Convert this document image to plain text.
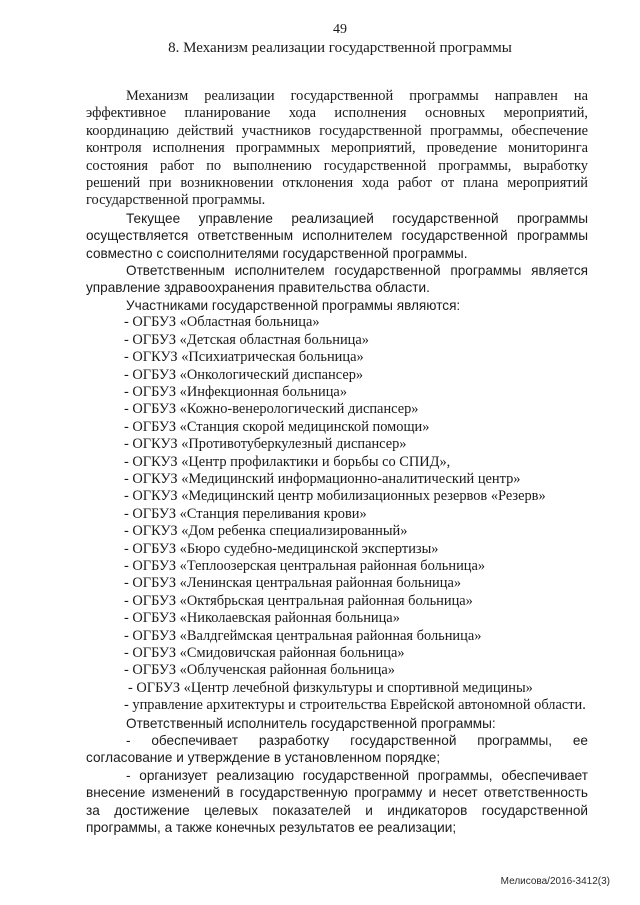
49
8. Механизм реализации государственной программы

Механизм реализации государственной программы направлен на эффективное планирование хода исполнения основных мероприятий, координацию действий участников государственной программы, обеспечение контроля исполнения программных мероприятий, проведение мониторинга состояния работ по выполнению государственной программы, выработку решений при возникновении отклонения хода работ от плана мероприятий государственной программы.

Текущее управление реализацией государственной программы осуществляется ответственным исполнителем государственной программы совместно с соисполнителями государственной программы.

Ответственным исполнителем государственной программы является управление здравоохранения правительства области.

Участниками государственной программы являются:

- ОГБУЗ «Областная больница»
- ОГБУЗ «Детская областная больница»
- ОГКУЗ «Психиатрическая больница»
- ОГБУЗ «Онкологический диспансер»
- ОГБУЗ «Инфекционная больница»
- ОГБУЗ «Кожно-венерологический диспансер»
- ОГБУЗ «Станция скорой медицинской помощи»
- ОГКУЗ «Противотуберкулезный диспансер»
- ОГКУЗ «Центр профилактики и борьбы со СПИД»,
- ОГКУЗ «Медицинский информационно-аналитический центр»
- ОГКУЗ «Медицинский центр мобилизационных резервов «Резерв»
- ОГБУЗ «Станция переливания крови»
- ОГКУЗ «Дом ребенка специализированный»
- ОГБУЗ «Бюро судебно-медицинской экспертизы»
- ОГБУЗ «Теплоозерская центральная районная больница»
- ОГБУЗ «Ленинская центральная районная больница»
- ОГБУЗ «Октябрьская центральная районная больница»
- ОГБУЗ «Николаевская районная больница»
- ОГБУЗ «Валдгеймская центральная районная больница»
- ОГБУЗ «Смидовичская районная больница»
- ОГБУЗ «Облученская районная больница»
- ОГБУЗ «Центр лечебной физкультуры и спортивной медицины»

- управление архитектуры и строительства Еврейской автономной области.

Ответственный исполнитель государственной программы:

- обеспечивает разработку государственной программы, ее согласование и утверждение в установленном порядке;

- организует реализацию государственной программы, обеспечивает внесение изменений в государственную программу и несет ответственность за достижение целевых показателей и индикаторов государственной программы, а также конечных результатов ее реализации;

Мелисова/2016-3412(3)
